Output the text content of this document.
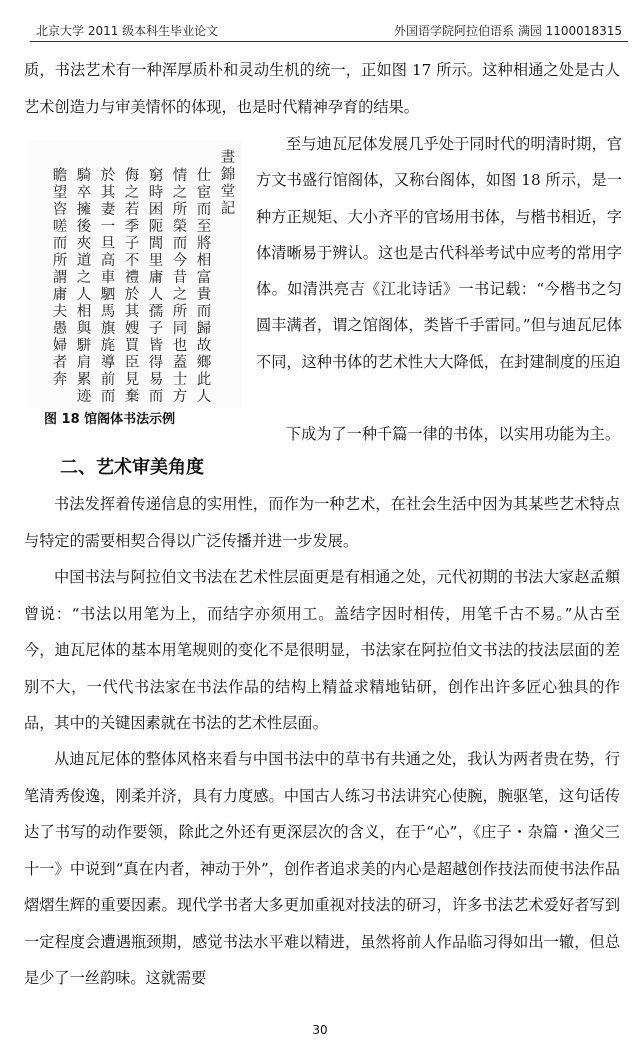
北京大学 2011 级本科生毕业论文	外国语学院阿拉伯语系 满园 1100018315

质，书法艺术有一种浑厚质朴和灵动生机的统一，正如图 17 所示。这种相通之处是古人艺术创造力与审美情怀的体现，也是时代精神孕育的结果。

晝
錦
堂
記
仕
宦
而
至
將
相
富
貴
而
歸
故
鄉
此
人
情
之
所
榮
而
今
昔
之
所
同
也
蓋
士
方
窮
時
困
阨
閭
里
庸
人
孺
子
皆
得
易
而
侮
之
若
季
子
不
禮
於
其
嫂
買
臣
見
棄
於
其
妻
一
旦
高
車
駟
馬
旗
旄
導
前
而
騎
卒
擁
後
夾
道
之
人
相
與
駢
肩
累
迹
瞻
望
咨
嗟
而
所
謂
庸
夫
愚
婦
者
奔
图 18 馆阁体书法示例

至与迪瓦尼体发展几乎处于同时代的明清时期，官方文书盛行馆阁体，又称台阁体，如图 18 所示，是一种方正规矩、大小齐平的官场用书体，与楷书相近，字体清晰易于辨认。这也是古代科举考试中应考的常用字体。如清洪亮吉《江北诗话》一书记载：“今楷书之匀圆丰满者，谓之馆阁体，类皆千手雷同。”但与迪瓦尼体不同，这种书体的艺术性大大降低，在封建制度的压迫

下成为了一种千篇一律的书体，以实用功能为主。

二、艺术审美角度

书法发挥着传递信息的实用性，而作为一种艺术，在社会生活中因为其某些艺术特点与特定的需要相契合得以广泛传播并进一步发展。

中国书法与阿拉伯文书法在艺术性层面更是有相通之处，元代初期的书法大家赵孟頫曾说：“书法以用笔为上，而结字亦须用工。盖结字因时相传，用笔千古不易。”从古至今，迪瓦尼体的基本用笔规则的变化不是很明显，书法家在阿拉伯文书法的技法层面的差别不大，一代代书法家在书法作品的结构上精益求精地钻研，创作出许多匠心独具的作品，其中的关键因素就在书法的艺术性层面。

从迪瓦尼体的整体风格来看与中国书法中的草书有共通之处，我认为两者贵在势，行笔清秀俊逸，刚柔并济，具有力度感。中国古人练习书法讲究心使腕，腕驱笔，这句话传达了书写的动作要领，除此之外还有更深层次的含义，在于“心”，《庄子・杂篇・渔父三十一》中说到“真在内者，神动于外”，创作者追求美的内心是超越创作技法而使书法作品熠熠生辉的重要因素。现代学书者大多更加重视对技法的研习，许多书法艺术爱好者写到一定程度会遭遇瓶颈期，感觉书法水平难以精进，虽然将前人作品临习得如出一辙，但总是少了一丝韵味。这就需要

30
